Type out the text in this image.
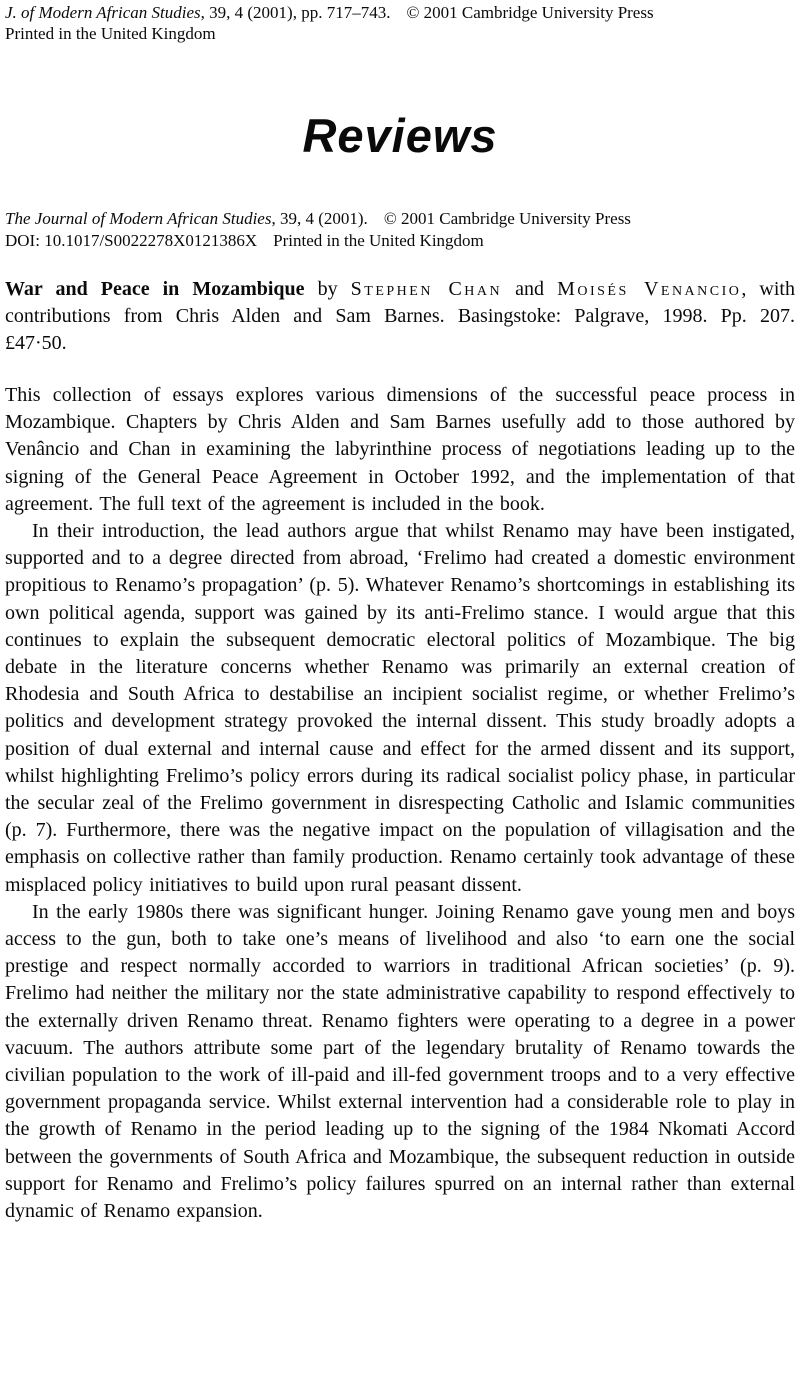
J. of Modern African Studies, 39, 4 (2001), pp. 717–743. © 2001 Cambridge University Press
Printed in the United Kingdom
Reviews
The Journal of Modern African Studies, 39, 4 (2001). © 2001 Cambridge University Press
DOI: 10.1017/S0022278X0121386X Printed in the United Kingdom
War and Peace in Mozambique by Stephen Chan and Moisés Venancio, with contributions from Chris Alden and Sam Barnes. Basingstoke: Palgrave, 1998. Pp. 207. £47·50.

This collection of essays explores various dimensions of the successful peace process in Mozambique. Chapters by Chris Alden and Sam Barnes usefully add to those authored by Venâncio and Chan in examining the labyrinthine process of negotiations leading up to the signing of the General Peace Agreement in October 1992, and the implementation of that agreement. The full text of the agreement is included in the book.

In their introduction, the lead authors argue that whilst Renamo may have been instigated, supported and to a degree directed from abroad, ‘Frelimo had created a domestic environment propitious to Renamo’s propagation’ (p. 5). Whatever Renamo’s shortcomings in establishing its own political agenda, support was gained by its anti-Frelimo stance. I would argue that this continues to explain the subsequent democratic electoral politics of Mozambique. The big debate in the literature concerns whether Renamo was primarily an external creation of Rhodesia and South Africa to destabilise an incipient socialist regime, or whether Frelimo’s politics and development strategy provoked the internal dissent. This study broadly adopts a position of dual external and internal cause and effect for the armed dissent and its support, whilst highlighting Frelimo’s policy errors during its radical socialist policy phase, in particular the secular zeal of the Frelimo government in disrespecting Catholic and Islamic communities (p. 7). Furthermore, there was the negative impact on the population of villagisation and the emphasis on collective rather than family production. Renamo certainly took advantage of these misplaced policy initiatives to build upon rural peasant dissent.

In the early 1980s there was significant hunger. Joining Renamo gave young men and boys access to the gun, both to take one’s means of livelihood and also ‘to earn one the social prestige and respect normally accorded to warriors in traditional African societies’ (p. 9). Frelimo had neither the military nor the state administrative capability to respond effectively to the externally driven Renamo threat. Renamo fighters were operating to a degree in a power vacuum. The authors attribute some part of the legendary brutality of Renamo towards the civilian population to the work of ill-paid and ill-fed government troops and to a very effective government propaganda service. Whilst external intervention had a considerable role to play in the growth of Renamo in the period leading up to the signing of the 1984 Nkomati Accord between the governments of South Africa and Mozambique, the subsequent reduction in outside support for Renamo and Frelimo’s policy failures spurred on an internal rather than external dynamic of Renamo expansion.
